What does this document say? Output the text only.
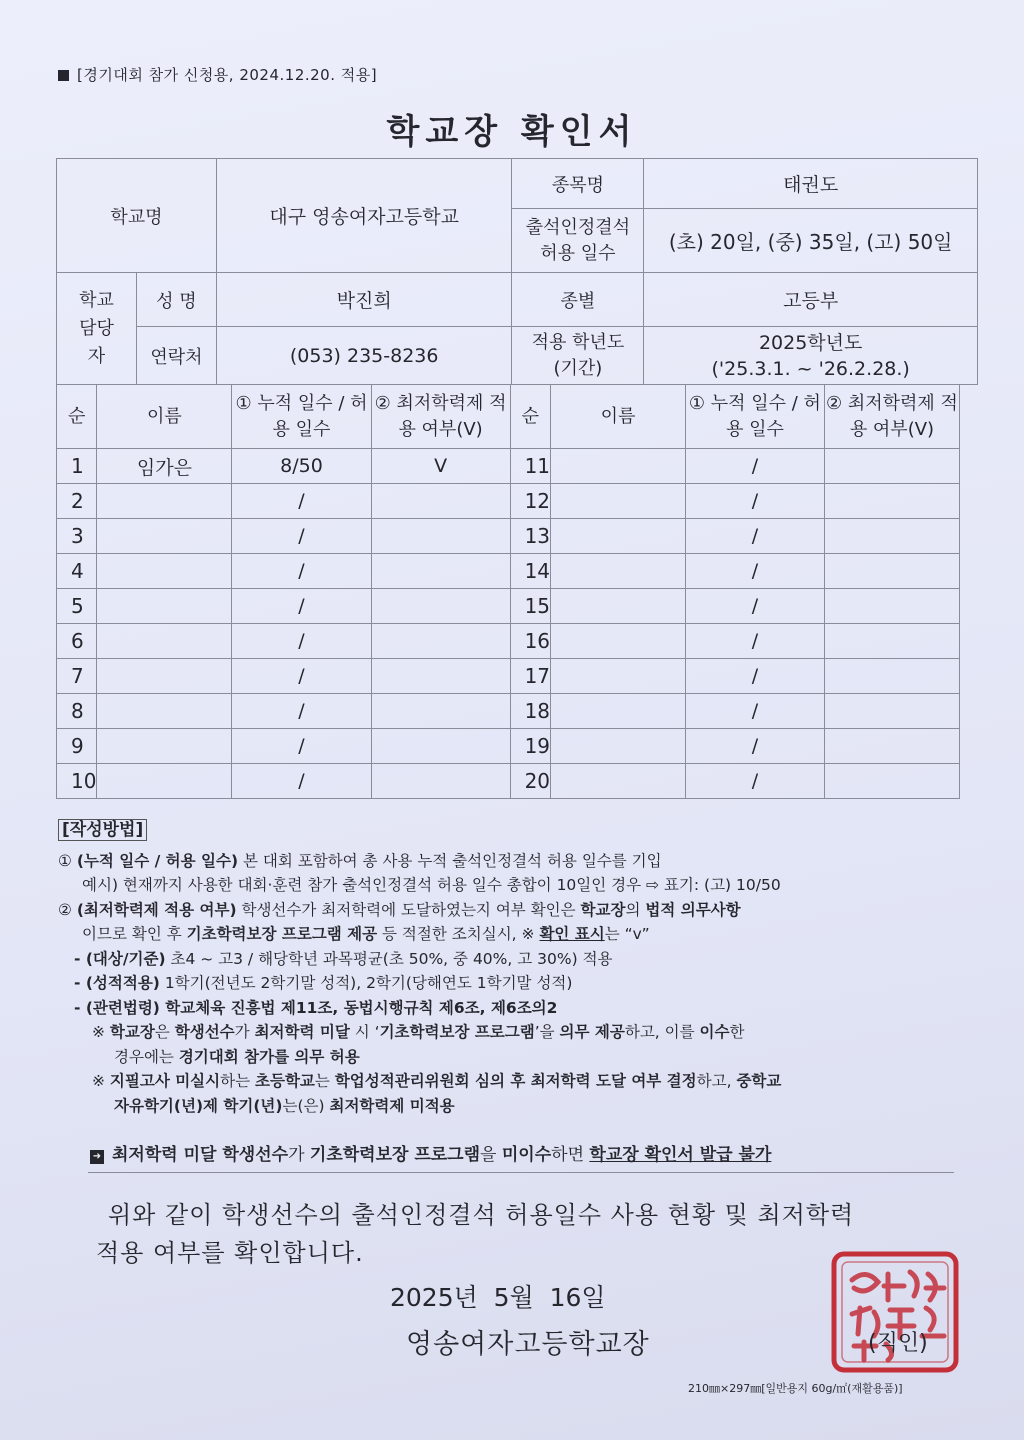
[경기대회 참가 신청용, 2024.12.20. 적용]
학교장 확인서
학교명		대구 영송여자고등학교	종목명	태권도
			출석인정결석 허용 일수	(초) 20일, (중) 35일, (고) 50일
학교 담당자	성 명	박진희	종별	고등부
	연락처	(053) 235-8236	적용 학년도 (기간)	2025학년도
('25.3.1. ~ '26.2.28.)
순	이름	① 누적 일수 / 허용 일수	② 최저학력제 적용 여부(V)	순	이름	① 누적 일수 / 허용 일수	② 최저학력제 적용 여부(V)
1	임가은	8/50	V	11		/	
2		/		12		/	
3		/		13		/	
4		/		14		/	
5		/		15		/	
6		/		16		/	
7		/		17		/	
8		/		18		/	
9		/		19		/	
10		/		20		/	
[작성방법]

① (누적 일수 / 허용 일수) 본 대회 포함하여 총 사용 누적 출석인정결석 허용 일수를 기입

예시) 현재까지 사용한 대회·훈련 참가 출석인정결석 허용 일수 총합이 10일인 경우 ⇨ 표기: (고) 10/50

② (최저학력제 적용 여부) 학생선수가 최저학력에 도달하였는지 여부 확인은 학교장의 법적 의무사항

이므로 확인 후 기초학력보장 프로그램 제공 등 적절한 조치실시, ※ 확인 표시는 “v”

- (대상/기준) 초4 ~ 고3 / 해당학년 과목평균(초 50%, 중 40%, 고 30%) 적용

- (성적적용) 1학기(전년도 2학기말 성적), 2학기(당해연도 1학기말 성적)

- (관련법령) 학교체육 진흥법 제11조, 동법시행규칙 제6조, 제6조의2

※ 학교장은 학생선수가 최저학력 미달 시 ‘기초학력보장 프로그램’을 의무 제공하고, 이를 이수한

경우에는 경기대회 참가를 의무 허용

※ 지필고사 미실시하는 초등학교는 학업성적관리위원회 심의 후 최저학력 도달 여부 결정하고, 중학교

자유학기(년)제 학기(년)는(은) 최저학력제 미적용

➜ 최저학력 미달 학생선수가 기초학력보장 프로그램을 미이수하면 학교장 확인서 발급 불가
위와 같이 학생선수의 출석인정결석 허용일수 사용 현황 및 최저학력
적용 여부를 확인합니다.
2025년  5월  16일
영송여자고등학교장	(직인)
210㎜×297㎜[일반용지 60g/㎡(재활용품)]
